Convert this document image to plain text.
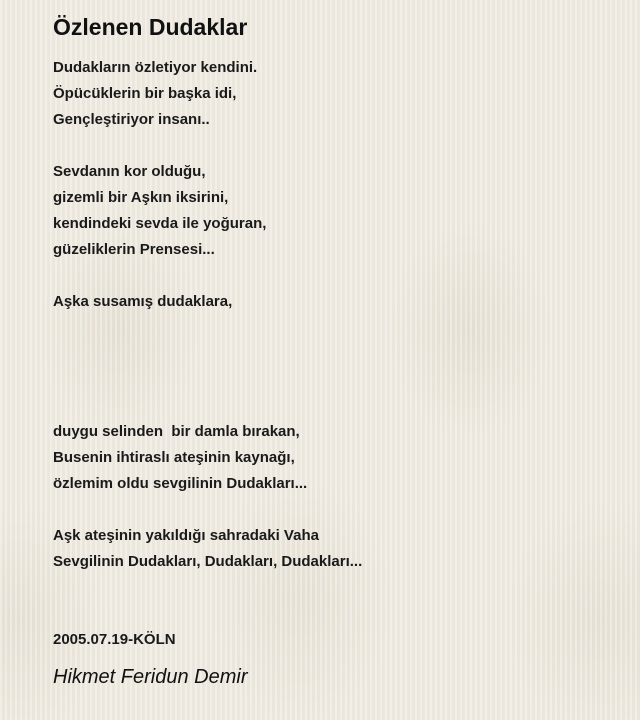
Özlenen Dudaklar
Dudakların özletiyor kendini.
Öpücüklerin bir başka idi,
Gençleştiriyor insanı..
Sevdanın kor olduğu,
gizemli bir Aşkın iksirini,
kendindeki sevda ile yoğuran,
güzeliklerin Prensesi...
Aşka susamış dudaklara,
duygu selinden  bir damla bırakan,
Busenin ihtiraslı ateşinin kaynağı,
özlemim oldu sevgilinin Dudakları...
Aşk ateşinin yakıldığı sahradaki Vaha
Sevgilinin Dudakları, Dudakları, Dudakları...
2005.07.19-KÖLN
Hikmet Feridun Demir
